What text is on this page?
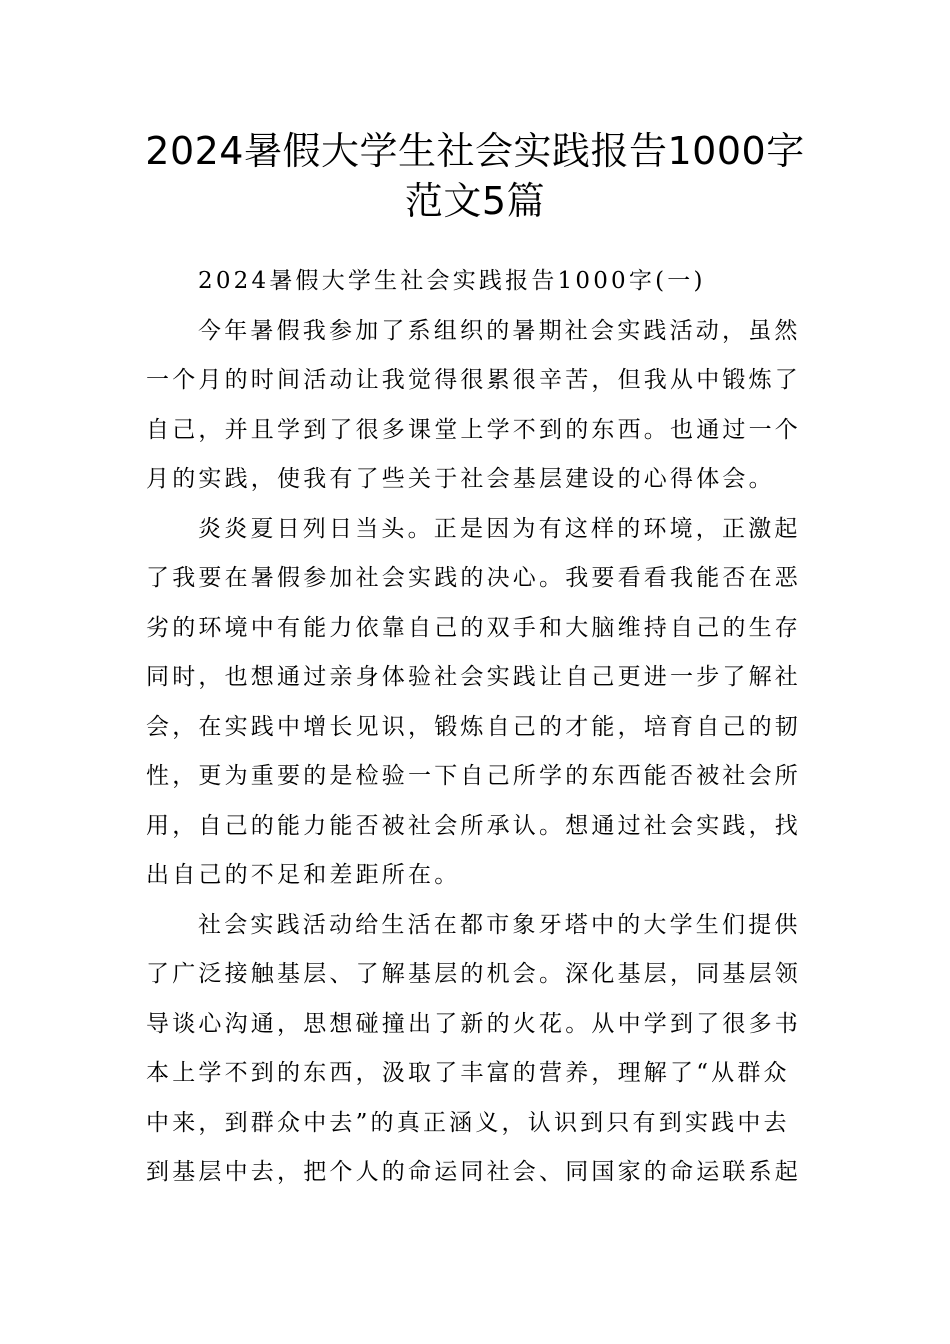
2024暑假大学生社会实践报告1000字
范文5篇
2024暑假大学生社会实践报告1000字(一)
今年暑假我参加了系组织的暑期社会实践活动，虽然
一个月的时间活动让我觉得很累很辛苦，但我从中锻炼了
自己，并且学到了很多课堂上学不到的东西。也通过一个
月的实践，使我有了些关于社会基层建设的心得体会。
炎炎夏日列日当头。正是因为有这样的环境，正激起
了我要在暑假参加社会实践的决心。我要看看我能否在恶
劣的环境中有能力依靠自己的双手和大脑维持自己的生存
同时，也想通过亲身体验社会实践让自己更进一步了解社
会，在实践中增长见识，锻炼自己的才能，培育自己的韧
性，更为重要的是检验一下自己所学的东西能否被社会所
用，自己的能力能否被社会所承认。想通过社会实践，找
出自己的不足和差距所在。
社会实践活动给生活在都市象牙塔中的大学生们提供
了广泛接触基层、了解基层的机会。深化基层，同基层领
导谈心沟通，思想碰撞出了新的火花。从中学到了很多书
本上学不到的东西，汲取了丰富的营养，理解了“从群众
中来，到群众中去”的真正涵义，认识到只有到实践中去
到基层中去，把个人的命运同社会、同国家的命运联系起
